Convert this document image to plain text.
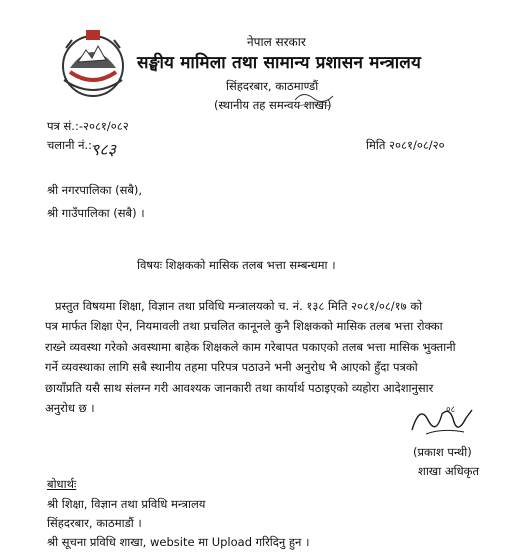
नेपाल सरकार
सङ्घीय मामिला तथा सामान्य प्रशासन मन्त्रालय
सिंहदरबार, काठमाण्डौं
(स्थानीय तह समन्वय शाखा)
पत्र सं.:-२०८१/०८२
चलानी नं.:-
९८३	मिति २०८१/०८/२०
श्री नगरपालिका (सबै),
श्री गाउँपालिका (सबै) ।
विषयः शिक्षकको मासिक तलब भत्ता सम्बन्धमा ।
प्रस्तुत विषयमा शिक्षा, विज्ञान तथा प्रविधि मन्त्रालयको च. नं. १३८ मिति २०८१/०८/१७ को
पत्र मार्फत शिक्षा ऐन, नियमावली तथा प्रचलित कानूनले कुनै शिक्षकको मासिक तलब भत्ता रोक्का
राख्ने व्यवस्था गरेको अवस्थामा बाहेक शिक्षकले काम गरेबापत पकाएको तलब भत्ता मासिक भुक्तानी
गर्ने व्यवस्थाका लागि सबै स्थानीय तहमा परिपत्र पठाउने भनी अनुरोध भै आएको हुँदा पत्रको
छायाँप्रति यसै साथ संलग्न गरी आवश्यक जानकारी तथा कार्यार्थ पठाइएको व्यहोरा आदेशानुसार
अनुरोध छ ।	०८
(प्रकाश पन्थी)
शाखा अधिकृत
बोधार्थः
श्री शिक्षा, विज्ञान तथा प्रविधि मन्त्रालय
सिंहदरबार, काठमाडौं ।
श्री सूचना प्रविधि शाखा, website मा Upload गरिदिनु हुन ।
